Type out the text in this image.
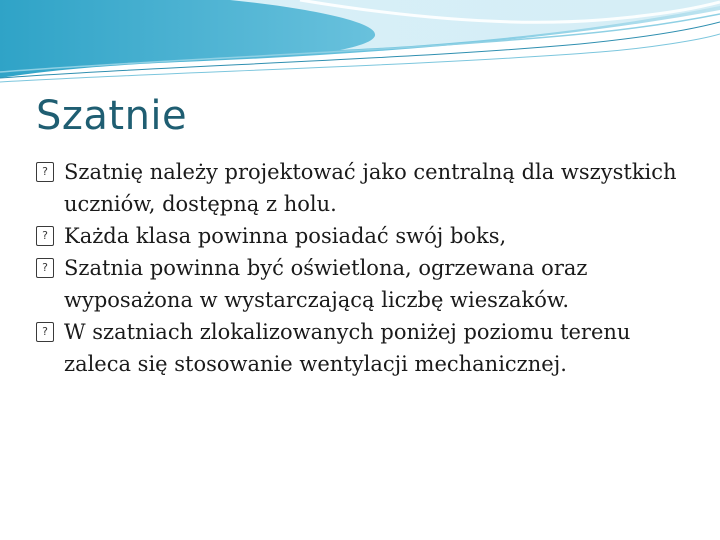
Szatnie
? Szatnię należy projektować jako centralną dla wszystkich uczniów, dostępną z holu.
? Każda klasa powinna posiadać swój boks,
? Szatnia powinna być oświetlona, ogrzewana oraz wyposażona w wystarczającą liczbę wieszaków.
? W szatniach zlokalizowanych poniżej poziomu terenu zaleca się stosowanie wentylacji mechanicznej.
